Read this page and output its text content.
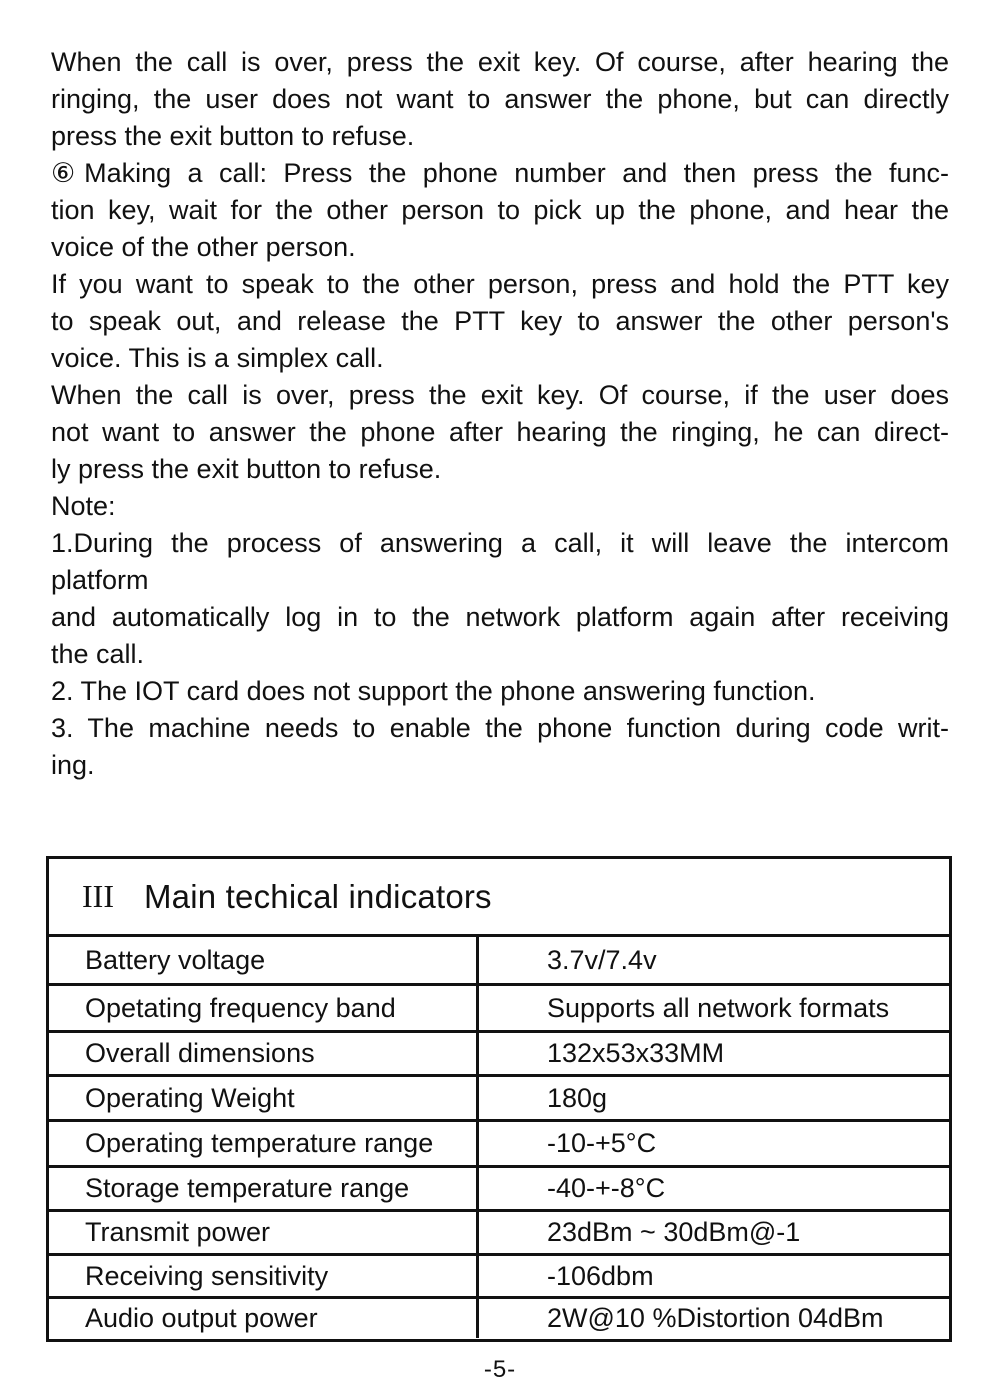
When the call is over, press the exit key. Of course, after hearing the

ringing, the user does not want to answer the phone, but can directly

press the exit button to refuse.

⑥Making a call: Press the phone number and then press the func-

tion key, wait for the other person to pick up the phone, and hear the

voice of the other person.

If you want to speak to the other person, press and hold the PTT key

to speak out, and release the PTT key to answer the other person's

voice. This is a simplex call.

When the call is over, press the exit key. Of course, if the user does

not want to answer the phone after hearing the ringing, he can direct-

ly press the exit button to refuse.

Note:

1.During the process of answering a call, it will leave the intercom

platform

and automatically log in to the network platform again after receiving

the call.

2. The IOT card does not support the phone answering function.

3. The machine needs to enable the phone function during code writ-

ing.

III Main techical indicators
Battery voltage	3.7v/7.4v
Opetating frequency band	Supports all network formats
Overall dimensions	132x53x33MM
Operating Weight	180g
Operating temperature range	-10-+5°C
Storage temperature range	-40-+-8°C
Transmit power	23dBm ~ 30dBm@-1
Receiving sensitivity	-106dbm
Audio output power	2W@10 %Distortion 04dBm
-5-
